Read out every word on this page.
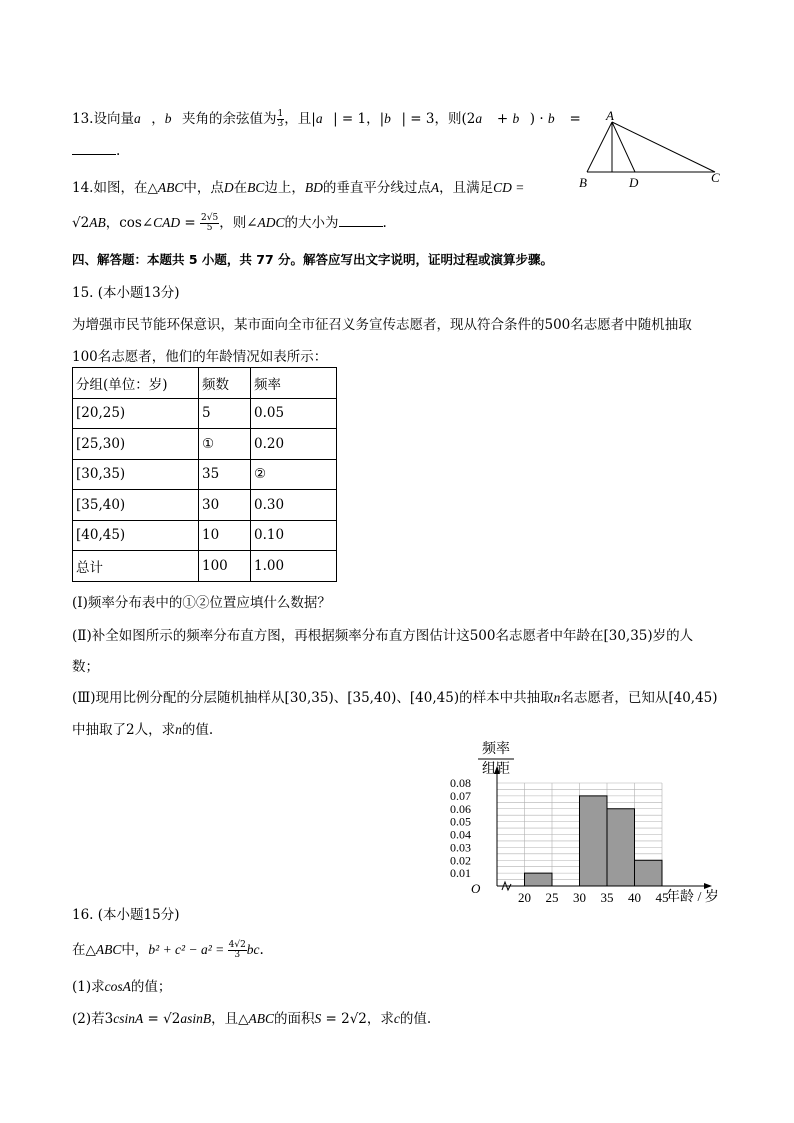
13.设向量a⃗，b⃗夹角的余弦值为 $\frac{1}{3}$ ，且|a⃗| = 1，|b⃗| = 3，则(2a⃗ + b⃗) · b⃗ =
.
A
B	D	C
14.如图，在△ABC中，点D在BC边上，BD的垂直平分线过点A，且满足CD =
√2AB，cos∠CAD = $\frac{2√5}{5}$ ，则∠ADC的大小为	.
四、解答题：本题共 5 小题，共 77 分。解答应写出文字说明，证明过程或演算步骤。
15. (本小题13分)
为增强市民节能环保意识，某市面向全市征召义务宣传志愿者，现从符合条件的500名志愿者中随机抽取
100名志愿者，他们的年龄情况如表所示：
分组(单位：岁)	频数	频率
[20,25)	5	0.05
[25,30)	①	0.20
[30,35)	35	②
[35,40)	30	0.30
[40,45)	10	0.10
总计	100	1.00
(Ⅰ)频率分布表中的①②位置应填什么数据？
(Ⅱ)补全如图所示的频率分布直方图，再根据频率分布直方图估计这500名志愿者中年龄在[30,35)岁的人
数；
(Ⅲ)现用比例分配的分层随机抽样从[30,35)、[35,40)、[40,45)的样本中共抽取n名志愿者，已知从[40,45)
中抽取了2人，求n的值.
0.01
0.02
0.03
0.04
0.05
0.06
0.07
0.08
20 25 30 35 40 45
频率
组距
年龄 / 岁
O
16. (本小题15分)
在△ABC中，$b^2 + c^2 - a^2 = \frac{4√2}{3}$ bc.
(1)求cosA的值；
(2)若3csinA = √2asinB，且△ABC的面积S = 2√2，求c的值.
